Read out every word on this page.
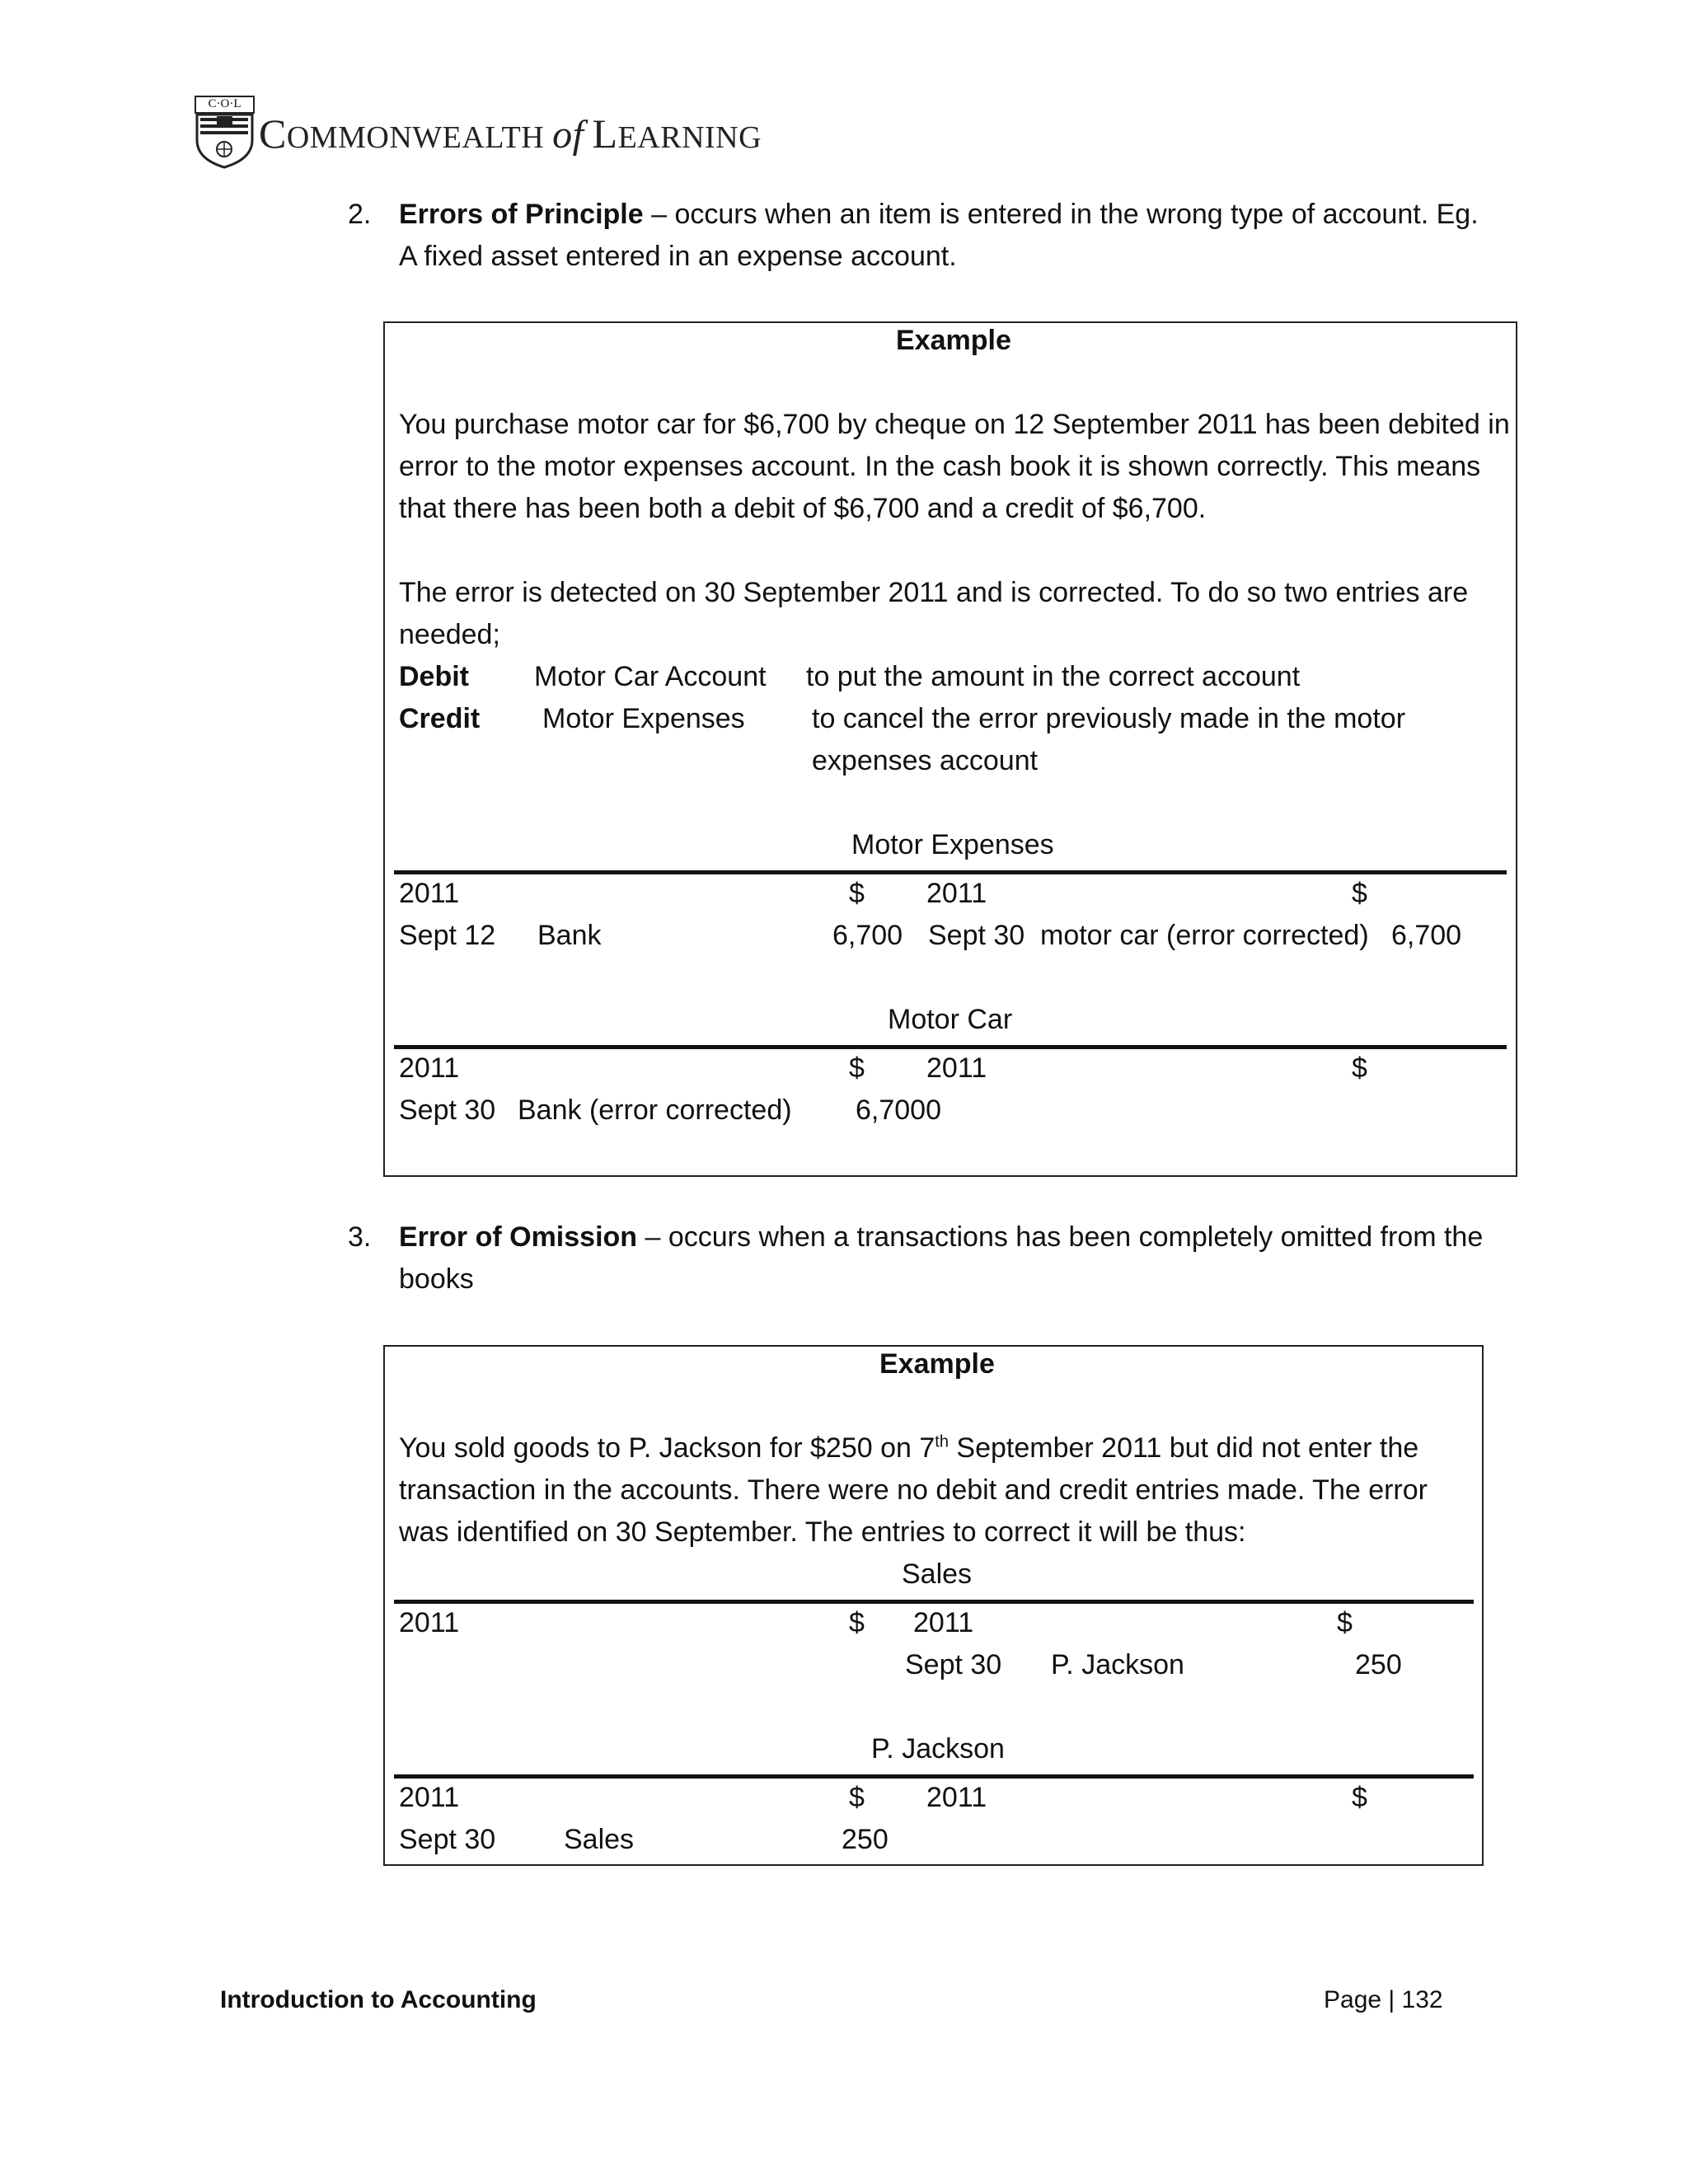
C·O·L
COMMONWEALTH of LEARNING
2. Errors of Principle – occurs when an item is entered in the wrong type of account. Eg.
A fixed asset entered in an expense account.
Example
You purchase motor car for $6,700 by cheque on 12 September 2011 has been debited in
error to the motor expenses account. In the cash book it is shown correctly. This means
that there has been both a debit of $6,700 and a credit of $6,700.
The error is detected on 30 September 2011 and is corrected. To do so two entries are
needed;
Debit Motor Car Account to put the amount in the correct account
Credit Motor Expenses to cancel the error previously made in the motor
expenses account
Motor Expenses
2011	$ 2011	$
Sept 12 Bank	6,700 Sept 30 motor car (error corrected) 6,700
Motor Car
2011	$ 2011	$
Sept 30 Bank (error corrected) 6,7000
3. Error of Omission – occurs when a transactions has been completely omitted from the
books
Example
You sold goods to P. Jackson for $250 on 7th September 2011 but did not enter the
transaction in the accounts. There were no debit and credit entries made. The error
was identified on 30 September. The entries to correct it will be thus:
Sales
2011	$ 2011	$
Sept 30 P. Jackson	250
P. Jackson
2011	$ 2011	$
Sept 30 Sales	250
Introduction to Accounting	Page | 132
